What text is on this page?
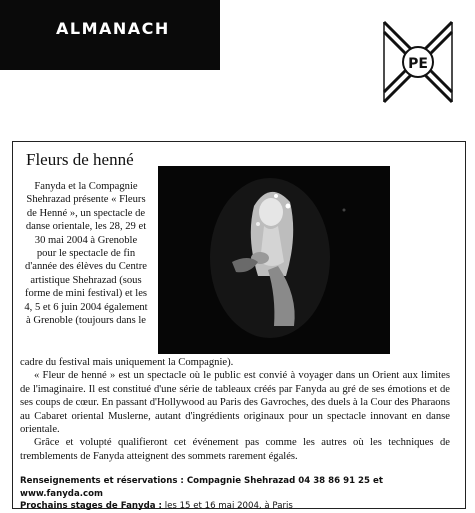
ALMANACH
PE
Fleurs de henné
Fanyda et la Compagnie
Shehrazad présente « Fleurs
de Henné », un spectacle de
danse orientale, les 28, 29 et
30 mai 2004 à Grenoble
pour le spectacle de fin
d'année des élèves du Centre
artistique Shehrazad (sous
forme de mini festival) et les
4, 5 et 6 juin 2004 également
à Grenoble (toujours dans le

cadre du festival mais uniquement la Compagnie).

« Fleur de henné » est un spectacle où le public est convié à voyager dans un Orient aux limites de l'imaginaire. Il est constitué d'une série de tableaux créés par Fanyda au gré de ses émotions et de ses coups de cœur. En passant d'Hollywood au Paris des Gavroches, des duels à la Cour des Pharaons au Cabaret oriental Muslerne, autant d'ingrédients originaux pour un spectacle innovant en danse orientale.

Grâce et volupté qualifieront cet événement pas comme les autres où les techniques de tremblements de Fanyda atteignent des sommets rarement égalés.

Renseignements et réservations : Compagnie Shehrazad 04 38 86 91 25 et www.fanyda.com
Prochains stages de Fanyda : les 15 et 16 mai 2004, à Paris
